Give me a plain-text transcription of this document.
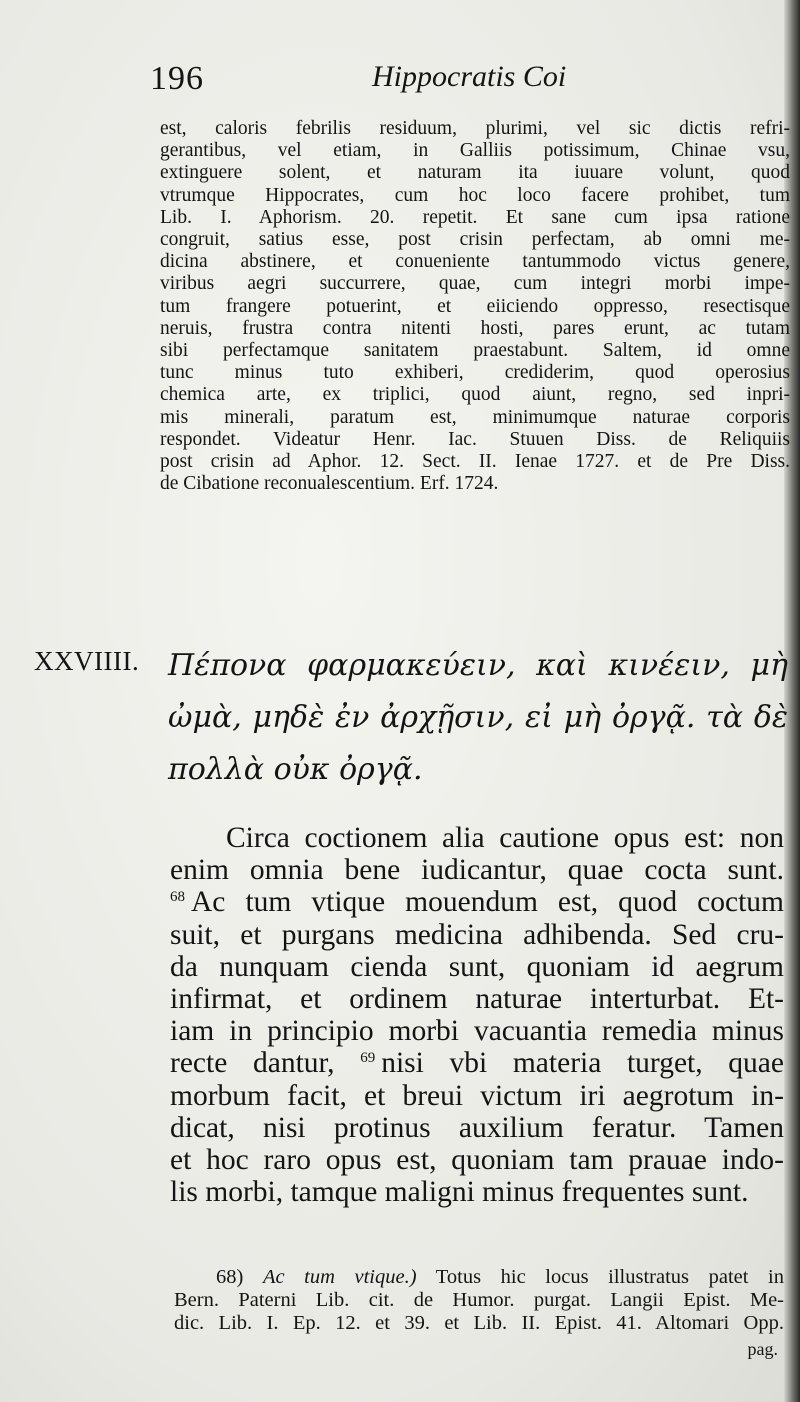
196	Hippocratis Coi
est, caloris febrilis residuum, plurimi, vel sic dictis refri-
gerantibus, vel etiam, in Galliis potissimum, Chinae vsu,
extinguere solent, et naturam ita iuuare volunt, quod
vtrumque Hippocrates, cum hoc loco facere prohibet, tum
Lib. I. Aphorism. 20. repetit. Et sane cum ipsa ratione
congruit, satius esse, post crisin perfectam, ab omni me-
dicina abstinere, et conueniente tantummodo victus genere,
viribus aegri succurrere, quae, cum integri morbi impe-
tum frangere potuerint, et eiiciendo oppresso, resectisque
neruis, frustra contra nitenti hosti, pares erunt, ac tutam
sibi perfectamque sanitatem praestabunt. Saltem, id omne
tunc minus tuto exhiberi, crediderim, quod operosius
chemica arte, ex triplici, quod aiunt, regno, sed inpri-
mis minerali, paratum est, minimumque naturae corporis
respondet. Videatur Henr. Iac. Stuuen Diss. de Reliquiis
post crisin ad Aphor. 12. Sect. II. Ienae 1727. et de Pre Diss.
de Cibatione reconualescentium. Erf. 1724.
XXVIIII. Πέπονα φαρμακεύειν, καὶ κινέειν, μὴ
ὠμὰ, μηδὲ ἐν ἀρχῇσιν, εἰ μὴ ὀργᾷ. τὰ δὲ
πολλὰ οὐκ ὀργᾷ.
Circa coctionem alia cautione opus est: non
enim omnia bene iudicantur, quae cocta sunt.
$^{68}$ Ac tum vtique mouendum est, quod coctum
suit, et purgans medicina adhibenda. Sed cru-
da nunquam cienda sunt, quoniam id aegrum
infirmat, et ordinem naturae interturbat. Et-
iam in principio morbi vacuantia remedia minus
recte dantur, $^{69}$ nisi vbi materia turget, quae
morbum facit, et breui victum iri aegrotum in-
dicat, nisi protinus auxilium feratur. Tamen
et hoc raro opus est, quoniam tam prauae indo-
lis morbi, tamque maligni minus frequentes sunt.
68) Ac tum vtique.) Totus hic locus illustratus patet in
Bern. Paterni Lib. cit. de Humor. purgat. Langii Epist. Me-
dic. Lib. I. Ep. 12. et 39. et Lib. II. Epist. 41. Altomari Opp.
pag.
